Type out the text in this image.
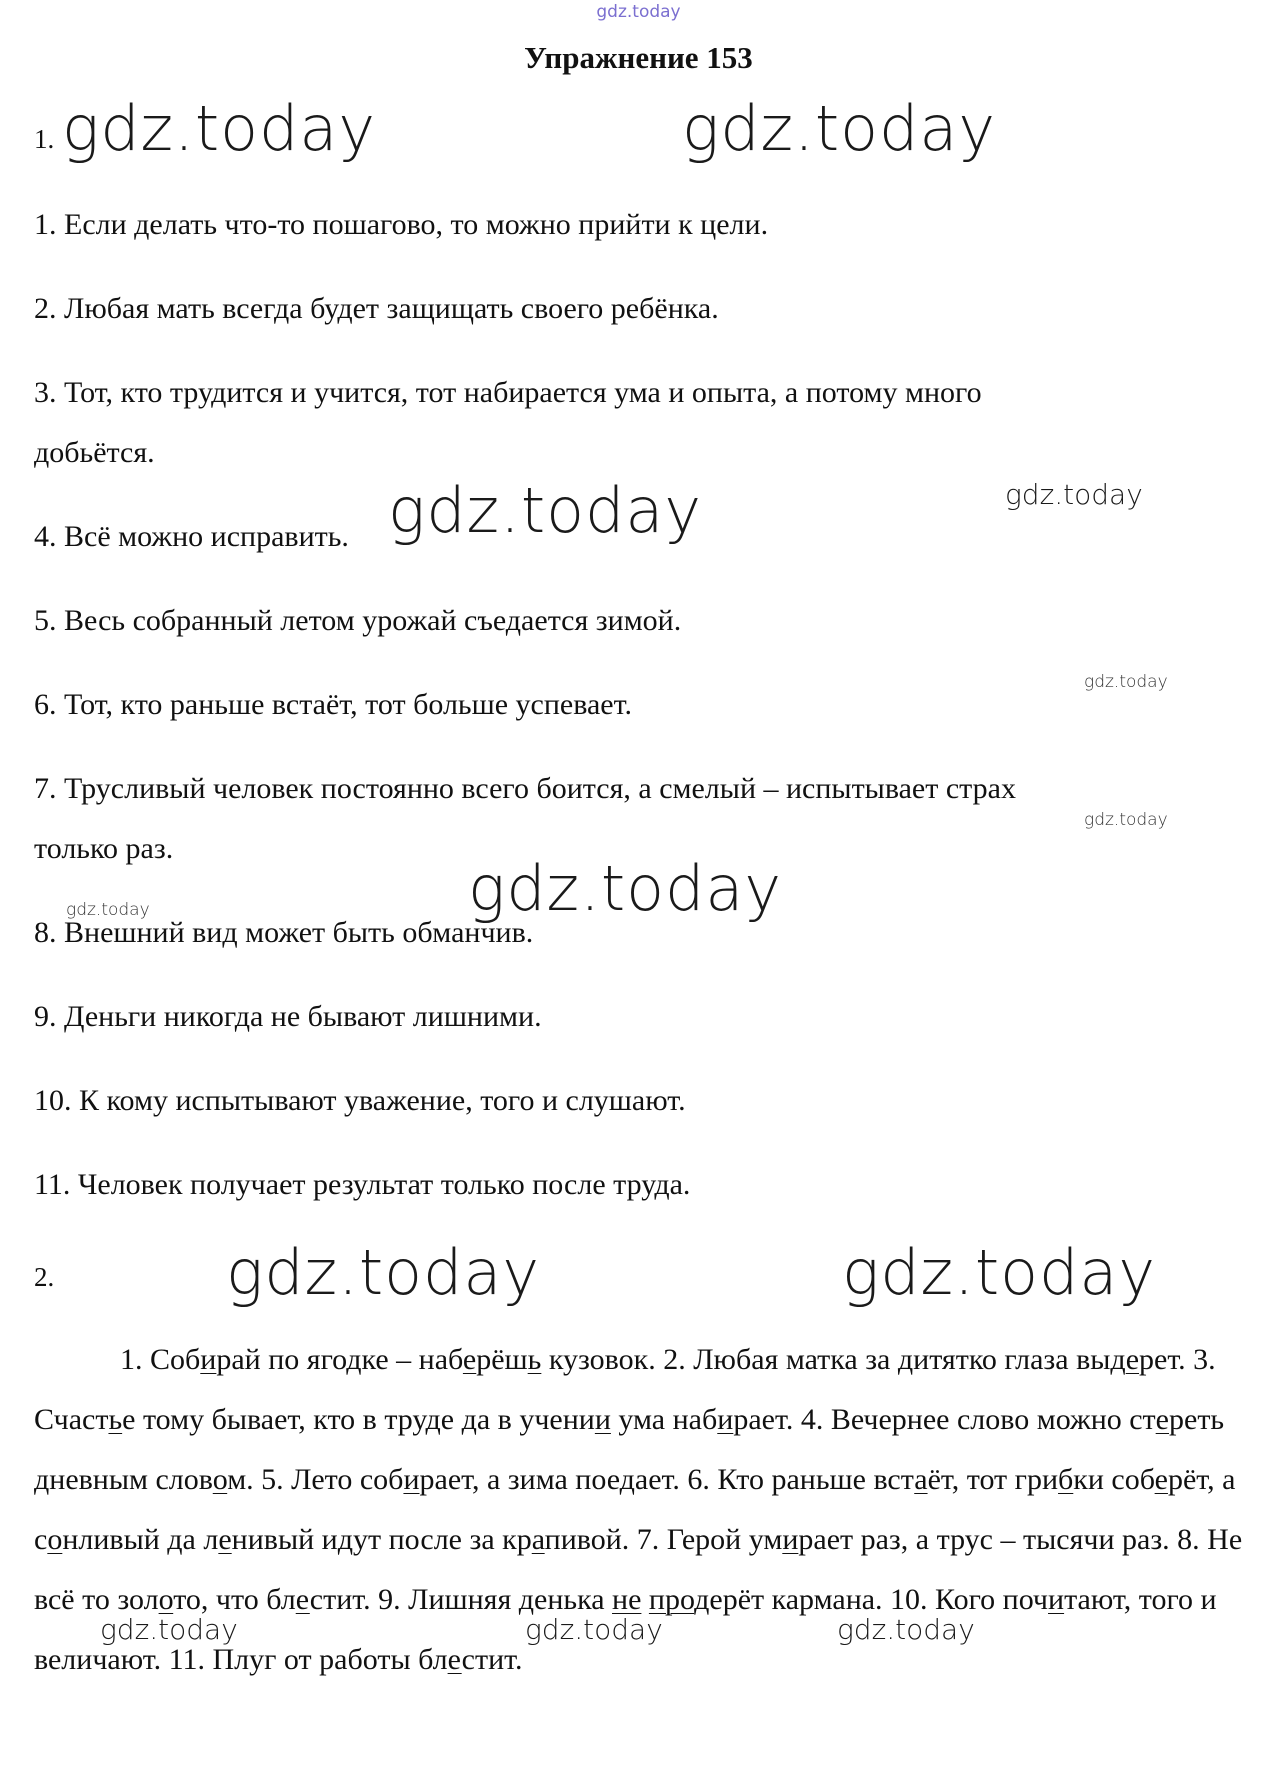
gdz.today
Упражнение 153
1.
1. Если делать что-то пошагово, то можно прийти к цели.
2. Любая мать всегда будет защищать своего ребёнка.
3. Тот, кто трудится и учится, тот набирается ума и опыта, а потому много
добьётся.
4. Всё можно исправить.
5. Весь собранный летом урожай съедается зимой.
6. Тот, кто раньше встаёт, тот больше успевает.
7. Трусливый человек постоянно всего боится, а смелый – испытывает страх
только раз.
8. Внешний вид может быть обманчив.
9. Деньги никогда не бывают лишними.
10. К кому испытывают уважение, того и слушают.
11. Человек получает результат только после труда.
2.
1. Собирай по ягодке – наберёшь кузовок. 2. Любая матка за дитятко глаза выдерет. 3. Счастье тому бывает, кто в труде да в учении ума набирает. 4. Вечернее слово можно стереть дневным словом. 5. Лето собирает, а зима поедает. 6. Кто раньше встаёт, тот грибки соберёт, а сонливый да ленивый идут после за крапивой. 7. Герой умирает раз, а трус – тысячи раз. 8. Не всё то золото, что блестит. 9. Лишняя денька не продерёт кармана. 10. Кого почитают, того и величают. 11. Плуг от работы блестит.
gdz.today	gdz.today
gdz.today	gdz.today
gdz.today
gdz.today
gdz.today
gdz.today
gdz.today	gdz.today
gdz.today	gdz.today	gdz.today
